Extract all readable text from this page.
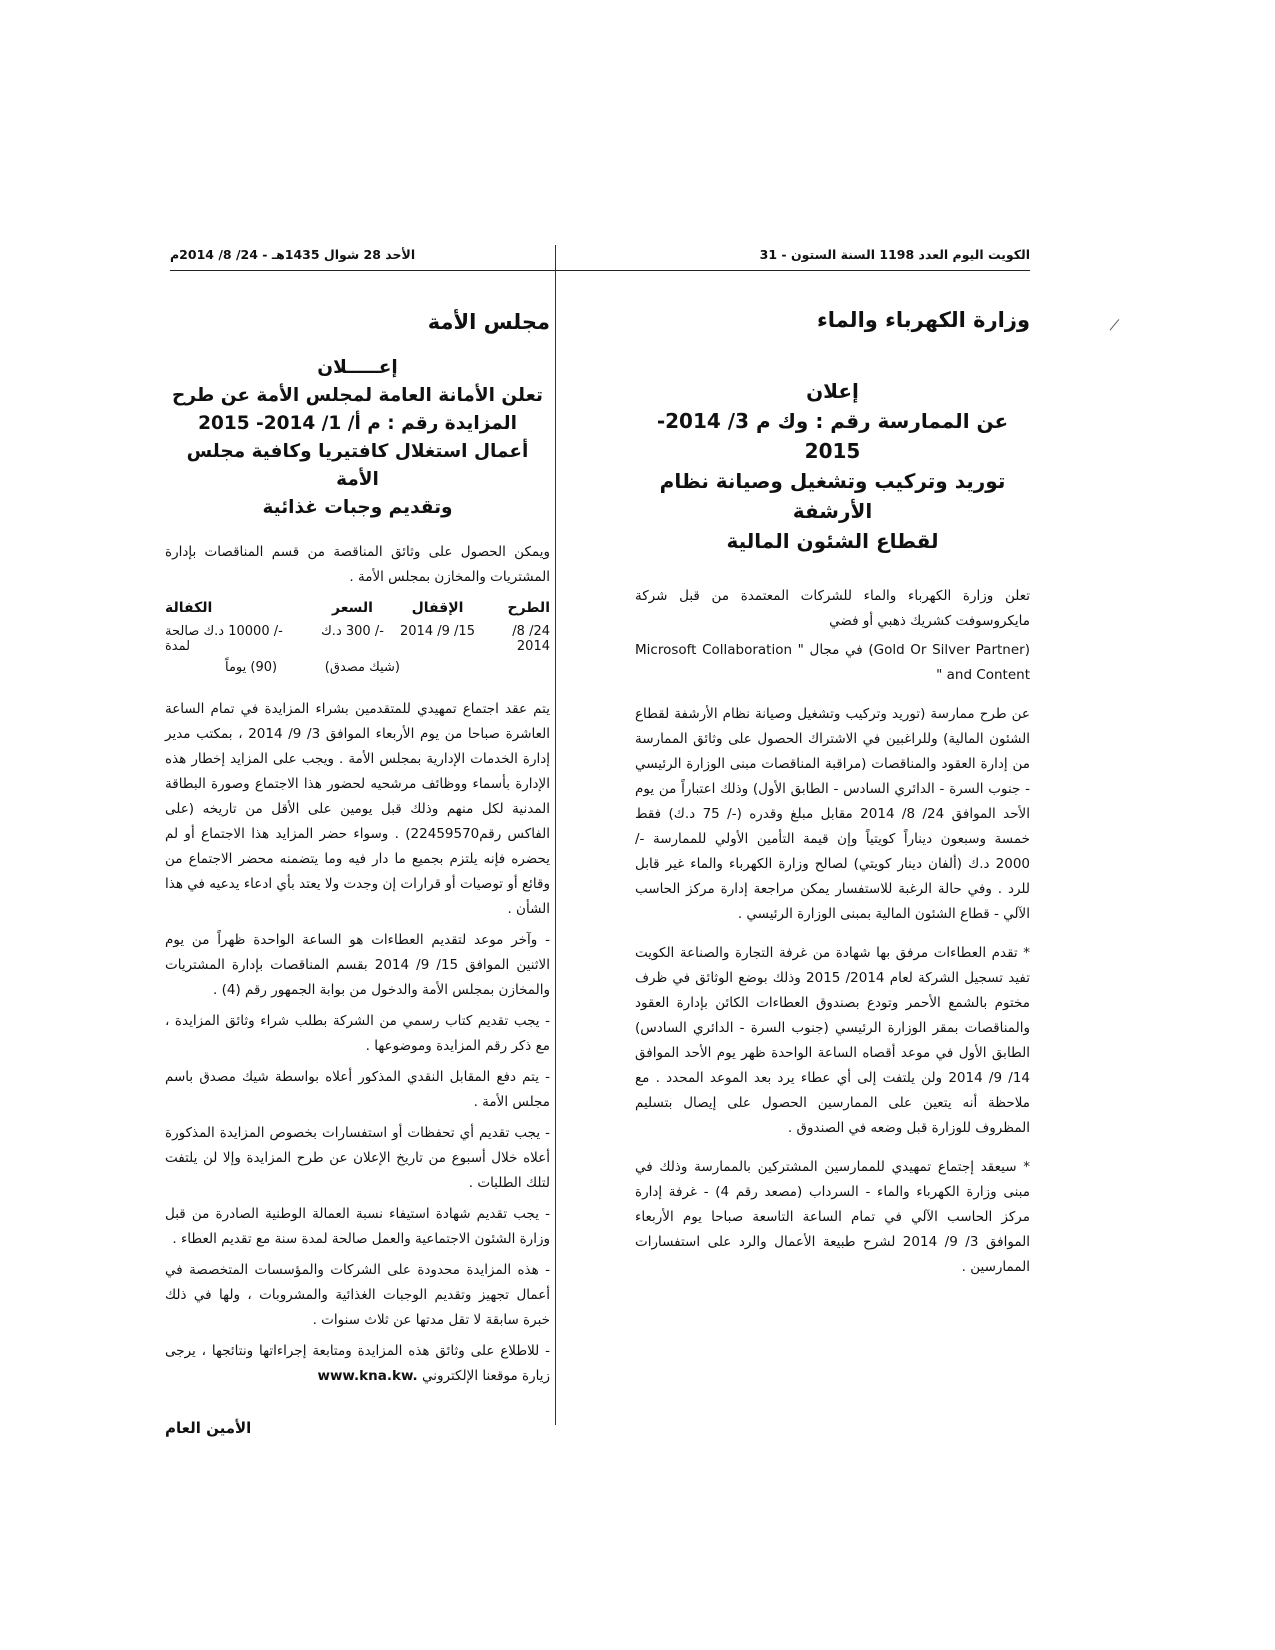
الكويت اليوم العدد 1198 السنة الستون - 31
الأحد 28 شوال 1435هـ - 24/ 8/ 2014م
وزارة الكهرباء والماء
إعلان
عن الممارسة رقم : وك م 3/ 2014- 2015
توريد وتركيب وتشغيل وصيانة نظام الأرشفة
لقطاع الشئون المالية

تعلن وزارة الكهرباء والماء للشركات المعتمدة من قبل شركة مايكروسوفت كشريك ذهبي أو فضي

(Gold Or Silver Partner) في مجال " Microsoft Collaboration and Content "

عن طرح ممارسة (توريد وتركيب وتشغيل وصيانة نظام الأرشفة لقطاع الشئون المالية) وللراغبين في الاشتراك الحصول على وثائق الممارسة من إدارة العقود والمناقصات (مراقبة المناقصات مبنى الوزارة الرئيسي - جنوب السرة - الدائري السادس - الطابق الأول) وذلك اعتباراً من يوم الأحد الموافق 24/ 8/ 2014 مقابل مبلغ وقدره (-/ 75 د.ك) فقط خمسة وسبعون ديناراً كويتياً وإن قيمة التأمين الأولي للممارسة -/ 2000 د.ك (ألفان دينار كويتي) لصالح وزارة الكهرباء والماء غير قابل للرد . وفي حالة الرغبة للاستفسار يمكن مراجعة إدارة مركز الحاسب الآلي - قطاع الشئون المالية بمبنى الوزارة الرئيسي .

* تقدم العطاءات مرفق بها شهادة من غرفة التجارة والصناعة الكويت تفيد تسجيل الشركة لعام 2014/ 2015 وذلك بوضع الوثائق في ظرف مختوم بالشمع الأحمر وتودع بصندوق العطاءات الكائن بإدارة العقود والمناقصات بمقر الوزارة الرئيسي (جنوب السرة - الدائري السادس) الطابق الأول في موعد أقصاه الساعة الواحدة ظهر يوم الأحد الموافق 14/ 9/ 2014 ولن يلتفت إلى أي عطاء يرد بعد الموعد المحدد . مع ملاحظة أنه يتعين على الممارسين الحصول على إيصال بتسليم المظروف للوزارة قبل وضعه في الصندوق .

* سيعقد إجتماع تمهيدي للممارسين المشتركين بالممارسة وذلك في مبنى وزارة الكهرباء والماء - السرداب (مصعد رقم 4) - غرفة إدارة مركز الحاسب الآلي في تمام الساعة التاسعة صباحا يوم الأربعاء الموافق 3/ 9/ 2014 لشرح طبيعة الأعمال والرد على استفسارات الممارسين .

مجلس الأمة
إعـــــلان
تعلن الأمانة العامة لمجلس الأمة عن طرح
المزايدة رقم : م أ/ 1/ 2014- 2015
أعمال استغلال كافتيريا وكافية مجلس الأمة
وتقديم وجبات غذائية

ويمكن الحصول على وثائق المناقصة من قسم المناقصات بإدارة المشتريات والمخازن بمجلس الأمة .

الطرح
الإقفال
السعر
الكفالة
24/ 8/ 2014
15/ 9/ 2014
-/ 300 د.ك
-/ 10000 د.ك صالحة لمدة
(شيك مصدق)
(90) يوماً

يتم عقد اجتماع تمهيدي للمتقدمين بشراء المزايدة في تمام الساعة العاشرة صباحا من يوم الأربعاء الموافق 3/ 9/ 2014 ، بمكتب مدير إدارة الخدمات الإدارية بمجلس الأمة . ويجب على المزايد إخطار هذه الإدارة بأسماء ووظائف مرشحيه لحضور هذا الاجتماع وصورة البطاقة المدنية لكل منهم وذلك قبل يومين على الأقل من تاريخه (على الفاكس رقم22459570) . وسواء حضر المزايد هذا الاجتماع أو لم يحضره فإنه يلتزم بجميع ما دار فيه وما يتضمنه محضر الاجتماع من وقائع أو توصيات أو قرارات إن وجدت ولا يعتد بأي ادعاء يدعيه في هذا الشأن .

- وآخر موعد لتقديم العطاءات هو الساعة الواحدة ظهراً من يوم الاثنين الموافق 15/ 9/ 2014 بقسم المناقصات بإدارة المشتريات والمخازن بمجلس الأمة والدخول من بوابة الجمهور رقم (4) .

- يجب تقديم كتاب رسمي من الشركة بطلب شراء وثائق المزايدة ، مع ذكر رقم المزايدة وموضوعها .

- يتم دفع المقابل النقدي المذكور أعلاه بواسطة شيك مصدق باسم مجلس الأمة .

- يجب تقديم أي تحفظات أو استفسارات بخصوص المزايدة المذكورة أعلاه خلال أسبوع من تاريخ الإعلان عن طرح المزايدة وإلا لن يلتفت لتلك الطلبات .

- يجب تقديم شهادة استيفاء نسبة العمالة الوطنية الصادرة من قبل وزارة الشئون الاجتماعية والعمل صالحة لمدة سنة مع تقديم العطاء .

- هذه المزايدة محدودة على الشركات والمؤسسات المتخصصة في أعمال تجهيز وتقديم الوجبات الغذائية والمشروبات ، ولها في ذلك خبرة سابقة لا تقل مدتها عن ثلاث سنوات .

- للاطلاع على وثائق هذه المزايدة ومتابعة إجراءاتها ونتائجها ، يرجى زيارة موقعنا الإلكتروني www.kna.kw.

الأمين العام
